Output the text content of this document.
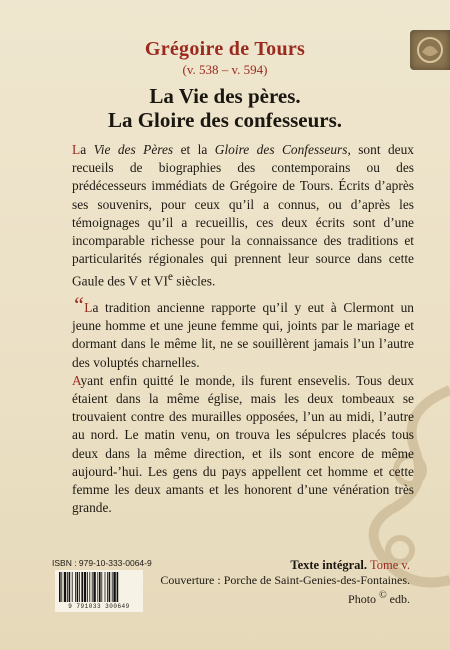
Grégoire de Tours
(v. 538 – v. 594)
La Vie des pères.
La Gloire des confesseurs.
La Vie des Pères et la Gloire des Confesseurs, sont deux recueils de biographies des contemporains ou des prédécesseurs immédiats de Grégoire de Tours. Écrits d’après ses souvenirs, pour ceux qu’il a connus, ou d’après les témoignages qu’il a recueillis, ces deux écrits sont d’une incomparable richesse pour la connaissance des traditions et particularités régionales qui prennent leur source dans cette Gaule des V et VIe siècles.

“La tradition ancienne rapporte qu’il y eut à Clermont un jeune homme et une jeune femme qui, joints par le mariage et dormant dans le même lit, ne se souillèrent jamais l’un l’autre des voluptés charnelles.

Ayant enfin quitté le monde, ils furent ensevelis. Tous deux étaient dans la même église, mais les deux tombeaux se trouvaient contre des murailles opposées, l’un au midi, l’autre au nord. Le matin venu, on trouva les sépulcres placés tous deux dans la même direction, et ils sont encore de même aujourd-’hui. Les gens du pays appellent cet homme et cette femme les deux amants et les honorent d’une vénération très grande.

ISBN : 979-10-333-0064-9
9 791033 300649
Texte intégral. Tome v.
Couverture : Porche de Saint-Genies-des-Fontaines.
Photo © edb.
